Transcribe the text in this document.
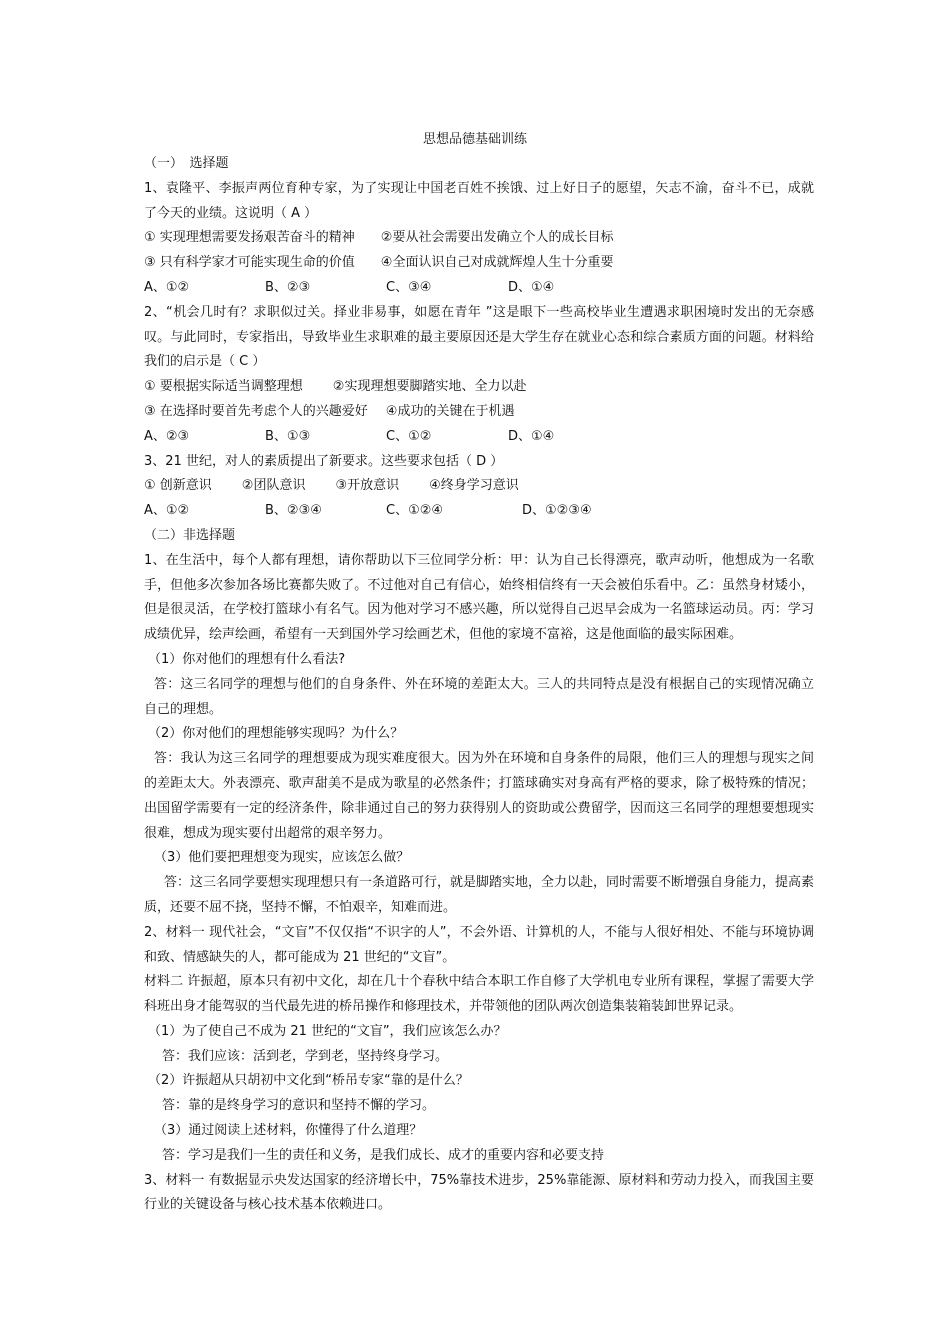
思想品德基础训练
（一）　选择题
1、袁隆平、李振声两位育种专家，为了实现让中国老百姓不挨饿、过上好日子的愿望，矢志不渝，奋斗不已，成就了今天的业绩。这说明（ A ）
① 实现理想需要发扬艰苦奋斗的精神 ②要从社会需要出发确立个人的成长目标
③ 只有科学家才可能实现生命的价值 ④全面认识自己对成就辉煌人生十分重要
A、①②	B、②③	C、③④	D、①④
2、“机会几时有？求职似过关。择业非易事，如愿在青年 ”这是眼下一些高校毕业生遭遇求职困境时发出的无奈感叹。与此同时，专家指出，导致毕业生求职难的最主要原因还是大学生存在就业心态和综合素质方面的问题。材料给我们的启示是（ C ）
① 要根据实际适当调整理想 ②实现理想要脚踏实地、全力以赴
③ 在选择时要首先考虑个人的兴趣爱好 ④成功的关键在于机遇
A、②③	B、①③	C、①②	D、①④
3、21 世纪，对人的素质提出了新要求。这些要求包括（ D ）
① 创新意识 ②团队意识 ③开放意识 ④终身学习意识
A、①②	B、②③④	C、①②④	D、①②③④
（二）非选择题
1、在生活中，每个人都有理想，请你帮助以下三位同学分析：甲：认为自己长得漂亮，歌声动听，他想成为一名歌手，但他多次参加各场比赛都失败了。不过他对自己有信心，始终相信终有一天会被伯乐看中。乙：虽然身材矮小，但是很灵活，在学校打篮球小有名气。因为他对学习不感兴趣，所以觉得自己迟早会成为一名篮球运动员。丙：学习成绩优异，绘声绘画，希望有一天到国外学习绘画艺术，但他的家境不富裕，这是他面临的最实际困难。
（1）你对他们的理想有什么看法?
答：这三名同学的理想与他们的自身条件、外在环境的差距太大。三人的共同特点是没有根据自己的实现情况确立自己的理想。
（2）你对他们的理想能够实现吗？为什么？
答：我认为这三名同学的理想要成为现实难度很大。因为外在环境和自身条件的局限，他们三人的理想与现实之间的差距太大。外表漂亮、歌声甜美不是成为歌星的必然条件；打篮球确实对身高有严格的要求，除了极特殊的情况；出国留学需要有一定的经济条件，除非通过自己的努力获得别人的资助或公费留学，因而这三名同学的理想要想现实很难，想成为现实要付出超常的艰辛努力。
（3）他们要把理想变为现实，应该怎么做？
答：这三名同学要想实现理想只有一条道路可行，就是脚踏实地，全力以赴，同时需要不断增强自身能力，提高素质，还要不屈不挠，坚持不懈，不怕艰辛，知难而进。
2、材料一 现代社会，“文盲”不仅仅指“不识字的人”，不会外语、计算机的人，不能与人很好相处、不能与环境协调和致、情感缺失的人，都可能成为 21 世纪的“文盲”。
材料二 许振超，原本只有初中文化，却在几十个春秋中结合本职工作自修了大学机电专业所有课程，掌握了需要大学科班出身才能驾驭的当代最先进的桥吊操作和修理技术，并带领他的团队两次创造集装箱装卸世界记录。
（1）为了使自己不成为 21 世纪的“文盲”，我们应该怎么办？
答：我们应该：活到老，学到老，坚持终身学习。
（2）许振超从只胡初中文化到“桥吊专家“靠的是什么？
答：靠的是终身学习的意识和坚持不懈的学习。
（3）通过阅读上述材料，你懂得了什么道理？
答：学习是我们一生的责任和义务，是我们成长、成才的重要内容和必要支持
3、材料一 有数据显示央发达国家的经济增长中，75%靠技术进步，25%靠能源、原材料和劳动力投入，而我国主要行业的关键设备与核心技术基本依赖进口。
